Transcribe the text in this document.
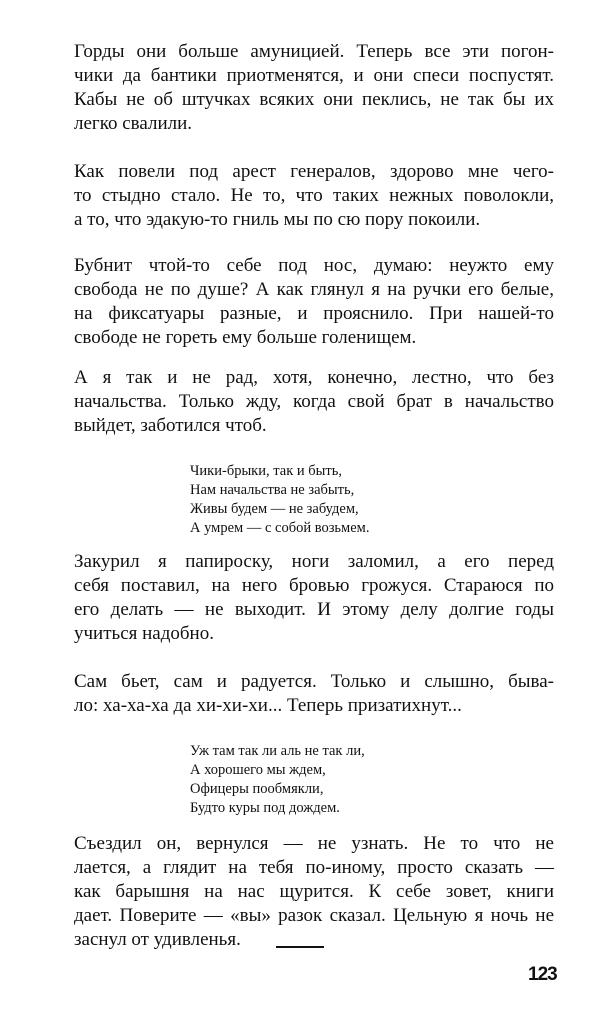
Горды они больше амуницией. Теперь все эти погон-
чики да бантики приотменятся, и они спеси поспустят.
Кабы не об штучках всяких они пеклись, не так бы их
легко свалили.

Как повели под арест генералов, здорово мне чего-
то стыдно стало. Не то, что таких нежных поволокли,
а то, что эдакую-то гниль мы по сю пору покоили.

Бубнит чтой-то себе под нос, думаю: неужто ему
свобода не по душе? А как глянул я на ручки его белые,
на фиксатуары разные, и прояснило. При нашей-то
свободе не гореть ему больше голенищем.

А я так и не рад, хотя, конечно, лестно, что без
начальства. Только жду, когда свой брат в начальство
выйдет, заботился чтоб.

Чики-брыки, так и быть,
Нам начальства не забыть,
Живы будем — не забудем,
А умрем — с собой возьмем.

Закурил я папироску, ноги заломил, а его перед
себя поставил, на него бровью грожуся. Стараюся по
его делать — не выходит. И этому делу долгие годы
учиться надобно.

Сам бьет, сам и радуется. Только и слышно, быва-
ло: ха-ха-ха да хи-хи-хи... Теперь призатихнут...

Уж там так ли аль не так ли,
А хорошего мы ждем,
Офицеры пообмякли,
Будто куры под дождем.

Съездил он, вернулся — не узнать. Не то что не
лается, а глядит на тебя по-иному, просто сказать —
как барышня на нас щурится. К себе зовет, книги
дает. Поверите — «вы» разок сказал. Цельную я ночь не
заснул от удивленья.

123
